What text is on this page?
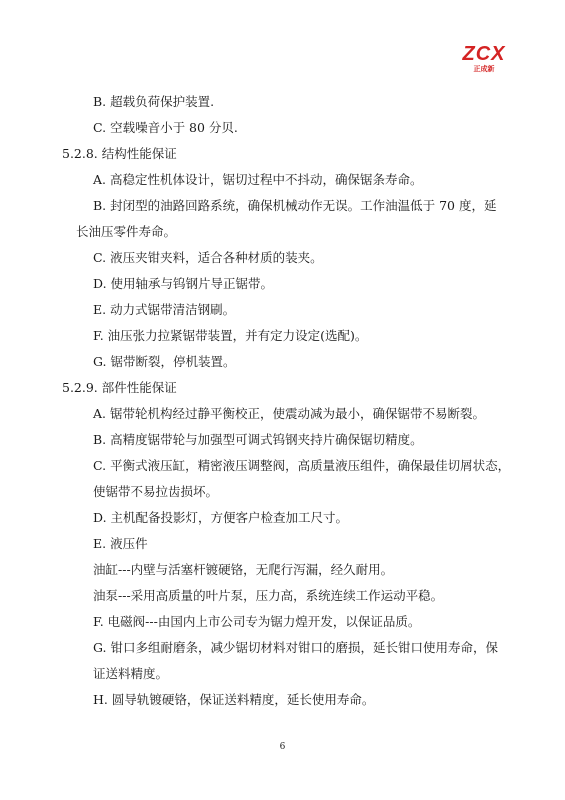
ZCX
正成新
B. 超载负荷保护装置.
C. 空载噪音小于 80 分贝.
5.2.8. 结构性能保证
A. 高稳定性机体设计，锯切过程中不抖动，确保锯条寿命。
B. 封闭型的油路回路系统，确保机械动作无误。工作油温低于 70 度，延
长油压零件寿命。
C. 液压夹钳夹料，适合各种材质的装夹。
D. 使用轴承与钨钢片导正锯带。
E. 动力式锯带清洁钢刷。
F. 油压张力拉紧锯带装置，并有定力设定(选配)。
G. 锯带断裂，停机装置。
5.2.9. 部件性能保证
A. 锯带轮机构经过静平衡校正，使震动减为最小，确保锯带不易断裂。
B. 高精度锯带轮与加强型可调式钨钢夹持片确保锯切精度。
C. 平衡式液压缸，精密液压调整阀，高质量液压组件，确保最佳切屑状态，
使锯带不易拉齿损坏。
D. 主机配备投影灯，方便客户检查加工尺寸。
E. 液压件
油缸---内壁与活塞杆镀硬铬，无爬行泻漏，经久耐用。
油泵---采用高质量的叶片泵，压力高，系统连续工作运动平稳。
F. 电磁阀---由国内上市公司专为锯力煌开发，以保证品质。
G. 钳口多组耐磨条，减少锯切材料对钳口的磨损，延长钳口使用寿命，保
证送料精度。
H. 圆导轨镀硬铬，保证送料精度，延长使用寿命。
6
